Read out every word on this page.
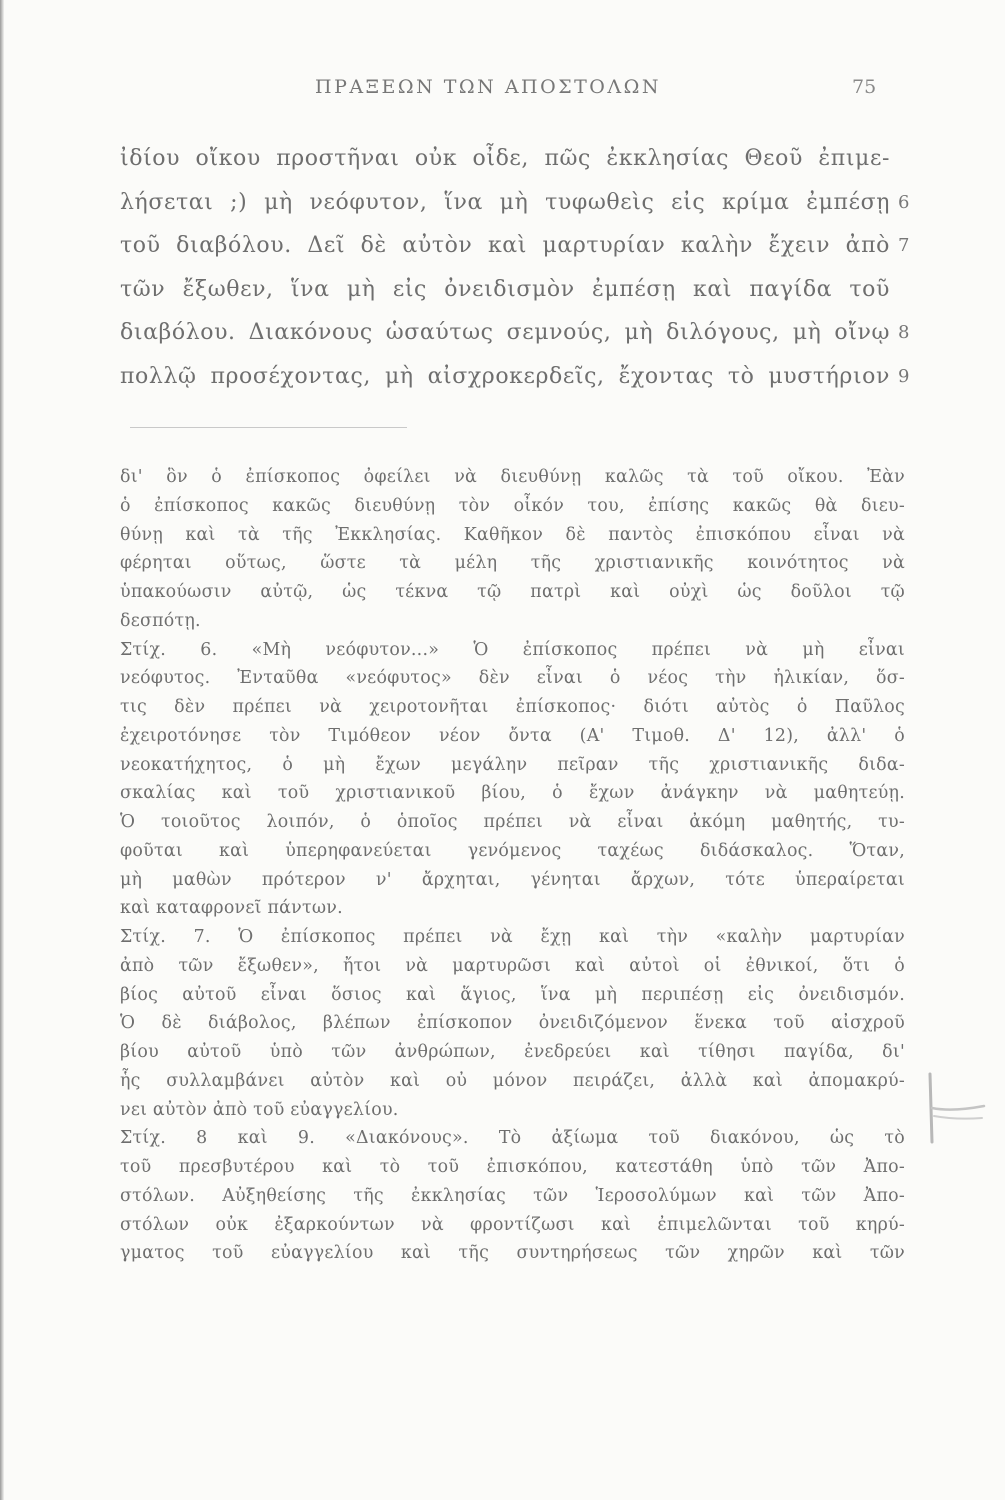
ΠΡΑΞΕΩΝ ΤΩΝ ΑΠΟΣΤΟΛΩΝ	75
ἰδίου οἴκου προστῆναι οὐκ οἶδε, πῶς ἐκκλησίας Θεοῦ ἐπιμε-
λήσεται ;) μὴ νεόφυτον, ἵνα μὴ τυφωθεὶς εἰς κρίμα ἐμπέσῃ
τοῦ διαβόλου. Δεῖ δὲ αὐτὸν καὶ μαρτυρίαν καλὴν ἔχειν ἀπὸ
τῶν ἔξωθεν, ἵνα μὴ εἰς ὀνειδισμὸν ἐμπέσῃ καὶ παγίδα τοῦ
διαβόλου. Διακόνους ὡσαύτως σεμνούς, μὴ διλόγους, μὴ οἴνῳ
πολλῷ προσέχοντας, μὴ αἰσχροκερδεῖς, ἔχοντας τὸ μυστήριον
6
7
8
9
δι' ὃν ὁ ἐπίσκοπος ὀφείλει νὰ διευθύνῃ καλῶς τὰ τοῦ οἴκου. Ἐὰν
ὁ ἐπίσκοπος κακῶς διευθύνῃ τὸν οἶκόν του, ἐπίσης κακῶς θὰ διευ-
θύνῃ καὶ τὰ τῆς Ἐκκλησίας. Καθῆκον δὲ παντὸς ἐπισκόπου εἶναι νὰ
φέρηται οὕτως, ὥστε τὰ μέλη τῆς χριστιανικῆς κοινότητος νὰ
ὑπακούωσιν αὐτῷ, ὡς τέκνα τῷ πατρὶ καὶ οὐχὶ ὡς δοῦλοι τῷ
δεσπότῃ.
Στίχ. 6. «Μὴ νεόφυτον...» Ὁ ἐπίσκοπος πρέπει νὰ μὴ εἶναι
νεόφυτος. Ἐνταῦθα «νεόφυτος» δὲν εἶναι ὁ νέος τὴν ἡλικίαν, ὅσ-
τις δὲν πρέπει νὰ χειροτονῆται ἐπίσκοπος· διότι αὐτὸς ὁ Παῦλος
ἐχειροτόνησε τὸν Τιμόθεον νέον ὄντα (Α' Τιμοθ. Δ' 12), ἀλλ' ὁ
νεοκατήχητος, ὁ μὴ ἔχων μεγάλην πεῖραν τῆς χριστιανικῆς διδα-
σκαλίας καὶ τοῦ χριστιανικοῦ βίου, ὁ ἔχων ἀνάγκην νὰ μαθητεύῃ.
Ὁ τοιοῦτος λοιπόν, ὁ ὁποῖος πρέπει νὰ εἶναι ἀκόμη μαθητής, τυ-
φοῦται καὶ ὑπερηφανεύεται γενόμενος ταχέως διδάσκαλος. Ὅταν,
μὴ μαθὼν πρότερον ν' ἄρχηται, γένηται ἄρχων, τότε ὑπεραίρεται
καὶ καταφρονεῖ πάντων.
Στίχ. 7. Ὁ ἐπίσκοπος πρέπει νὰ ἔχῃ καὶ τὴν «καλὴν μαρτυρίαν
ἀπὸ τῶν ἔξωθεν», ἤτοι νὰ μαρτυρῶσι καὶ αὐτοὶ οἱ ἐθνικοί, ὅτι ὁ
βίος αὐτοῦ εἶναι ὅσιος καὶ ἅγιος, ἵνα μὴ περιπέσῃ εἰς ὀνειδισμόν.
Ὁ δὲ διάβολος, βλέπων ἐπίσκοπον ὀνειδιζόμενον ἕνεκα τοῦ αἰσχροῦ
βίου αὐτοῦ ὑπὸ τῶν ἀνθρώπων, ἐνεδρεύει καὶ τίθησι παγίδα, δι'
ἧς συλλαμβάνει αὐτὸν καὶ οὐ μόνον πειράζει, ἀλλὰ καὶ ἀπομακρύ-
νει αὐτὸν ἀπὸ τοῦ εὐαγγελίου.
Στίχ. 8 καὶ 9. «Διακόνους». Τὸ ἀξίωμα τοῦ διακόνου, ὡς τὸ
τοῦ πρεσβυτέρου καὶ τὸ τοῦ ἐπισκόπου, κατεστάθη ὑπὸ τῶν Ἀπο-
στόλων. Αὐξηθείσης τῆς ἐκκλησίας τῶν Ἱεροσολύμων καὶ τῶν Ἀπο-
στόλων οὐκ ἐξαρκούντων νὰ φροντίζωσι καὶ ἐπιμελῶνται τοῦ κηρύ-
γματος τοῦ εὐαγγελίου καὶ τῆς συντηρήσεως τῶν χηρῶν καὶ τῶν
